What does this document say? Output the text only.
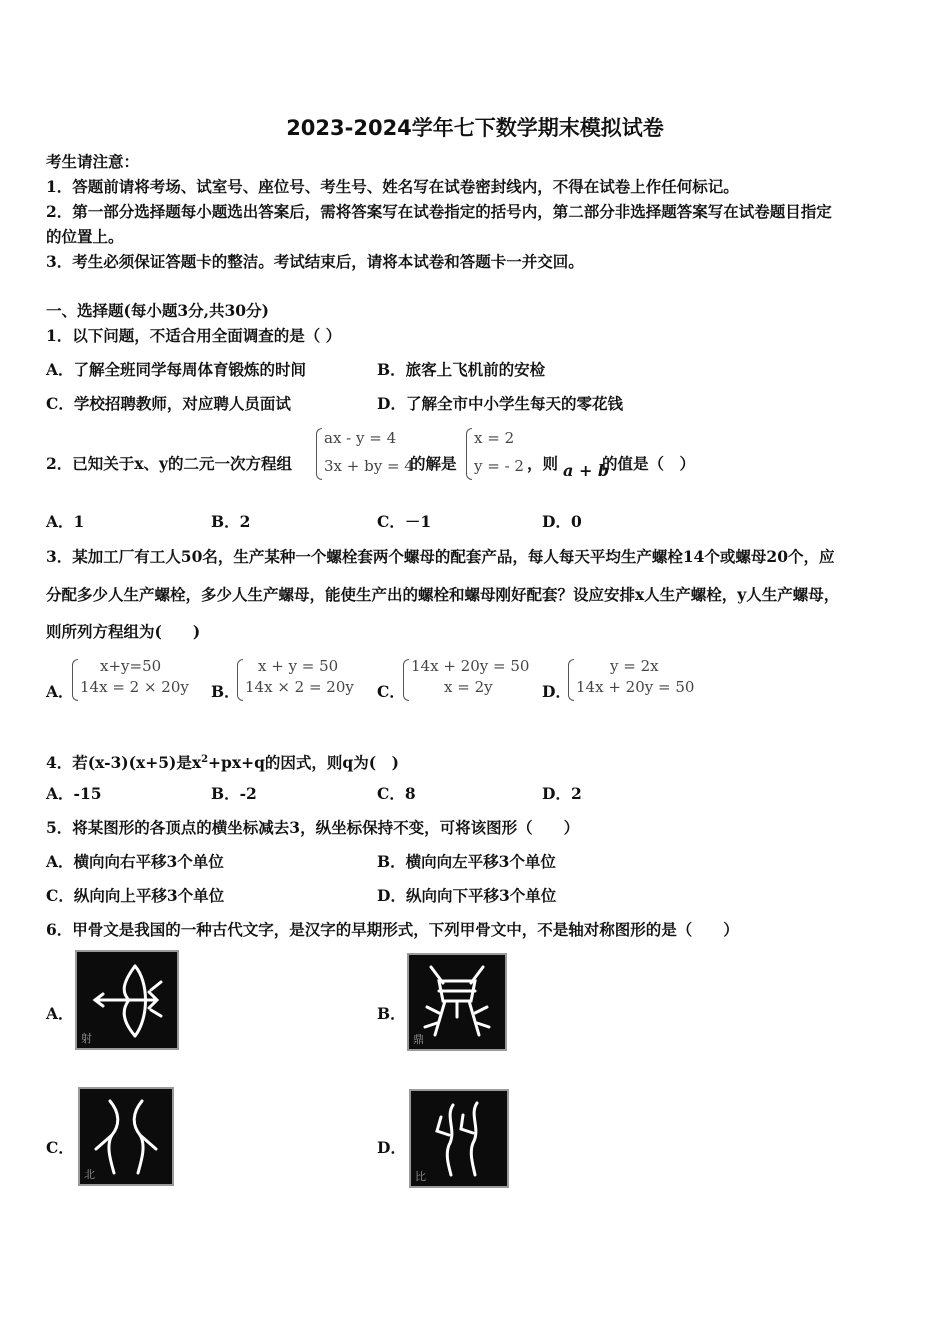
2023-2024学年七下数学期末模拟试卷
考生请注意：
1．答题前请将考场、试室号、座位号、考生号、姓名写在试卷密封线内，不得在试卷上作任何标记。
2．第一部分选择题每小题选出答案后，需将答案写在试卷指定的括号内，第二部分非选择题答案写在试卷题目指定
的位置上。
3．考生必须保证答题卡的整洁。考试结束后，请将本试卷和答题卡一并交回。
一、选择题(每小题3分,共30分)
1．以下问题，不适合用全面调查的是（ ）
A．了解全班同学每周体育锻炼的时间	B．旅客上飞机前的安检
C．学校招聘教师，对应聘人员面试	D．了解全市中小学生每天的零花钱
2．已知关于x、y的二元一次方程组
ax - y = 4
3x + by = 4
的解是
x = 2
y = - 2 ，则 a + b
的值是（　）
A．1	B．2	C．－1	D．0
3．某加工厂有工人50名，生产某种一个螺栓套两个螺母的配套产品，每人每天平均生产螺栓14个或螺母20个，应
分配多少人生产螺栓，多少人生产螺母，能使生产出的螺栓和螺母刚好配套？设应安排x人生产螺栓，y人生产螺母，
则所列方程组为(　　)
A．
x+y=50
14x = 2 × 20y B．
x + y = 50
14x × 2 = 20y C．
14x + 20y = 50
x = 2y	D．
y = 2x
14x + 20y = 50
4．若(x-3)(x+5)是$x^2+px+q$的因式，则q为(　)
A．-15	B．-2	C．8	D．2
5．将某图形的各顶点的横坐标减去3，纵坐标保持不变，可将该图形（　　）
A．横向向右平移3个单位	B．横向向左平移3个单位
C．纵向向上平移3个单位	D．纵向向下平移3个单位
6．甲骨文是我国的一种古代文字，是汉字的早期形式，下列甲骨文中，不是轴对称图形的是（　　）
A．
射
B．
鼎
C．
北
D．
比
